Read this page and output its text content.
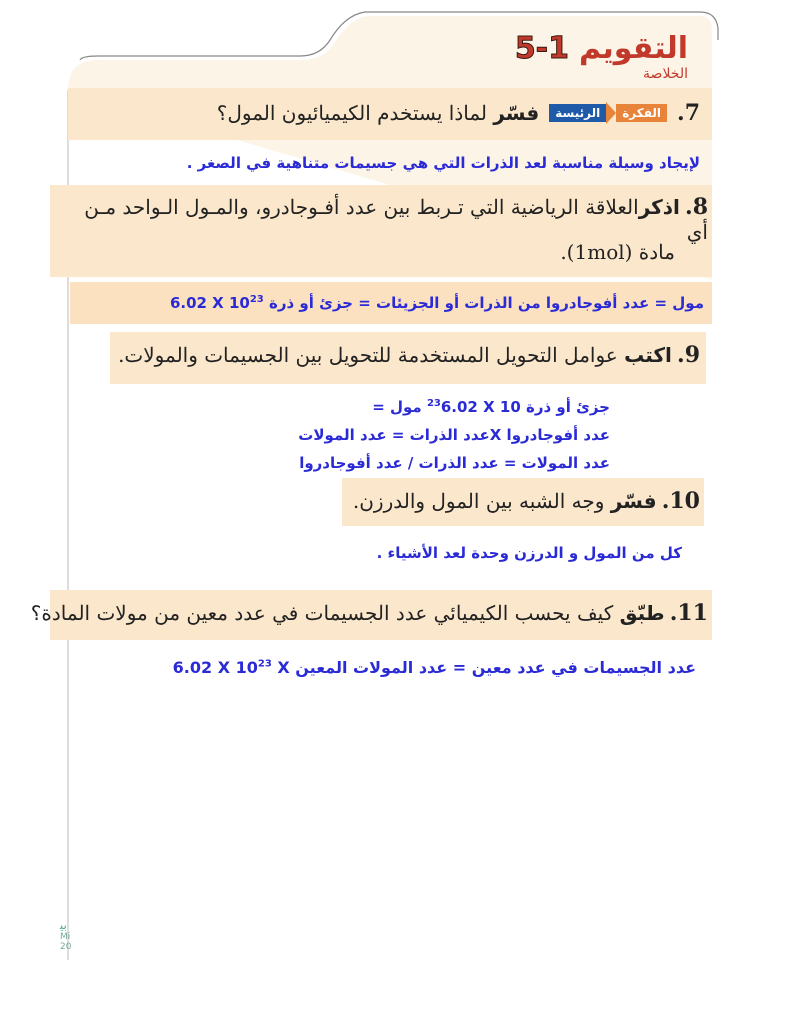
5-1 التقويم
الخلاصة
7.
الفكرة
الرئيسة
فسّر لماذا يستخدم الكيميائيون المول؟
لإيجاد وسيلة مناسبة لعد الذرات التي هي جسيمات متناهية في الصغر .
8. اذكرالعلاقة الرياضية التي تـربط بين عدد أفـوجادرو، والمـول الـواحد مـن أي
مادة (1mol).
مول = عدد أفوجادروا من الذرات أو الجزيئات = جزئ أو ذرة 6.02 X $10^{23}$
9. اكتب عوامل التحويل المستخدمة للتحويل بين الجسيمات والمولات.
جزئ أو ذرة $^{23}$6.02 X 10 مول =
عدد أفوجادروا Xعدد الذرات = عدد المولات
عدد المولات = عدد الذرات / عدد أفوجادروا
10. فسّر وجه الشبه بين المول والدرزن.
كل من المول و الدرزن وحدة لعد الأشياء .
11. طبّق كيف يحسب الكيميائي عدد الجسيمات في عدد معين من مولات المادة؟
عدد الجسيمات في عدد معين = عدد المولات المعين X 6.02 X $10^{23}$
ﺑﻴ
Mi
20
